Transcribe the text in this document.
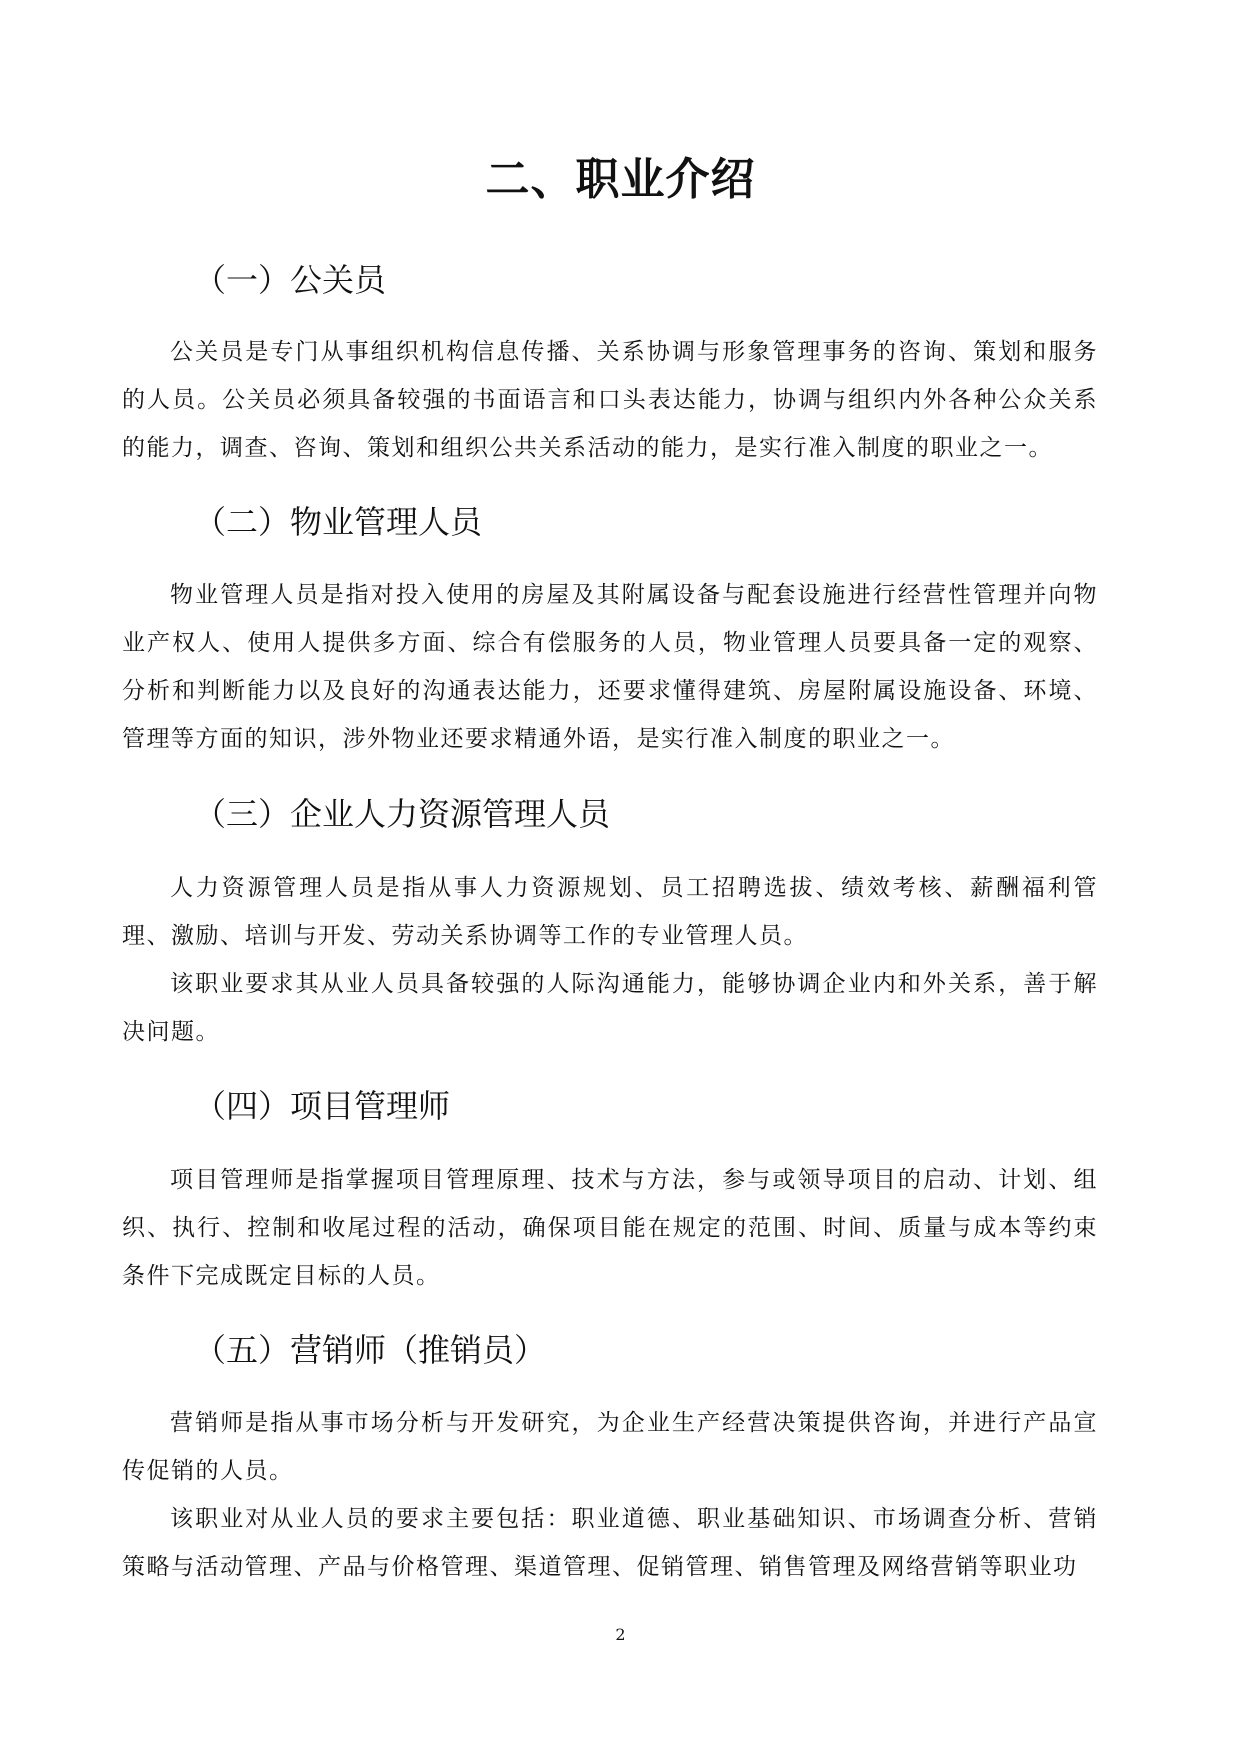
二、职业介绍
（一）公关员

公关员是专门从事组织机构信息传播、关系协调与形象管理事务的咨询、策划和服务的人员。公关员必须具备较强的书面语言和口头表达能力，协调与组织内外各种公众关系的能力，调查、咨询、策划和组织公共关系活动的能力，是实行准入制度的职业之一。

（二）物业管理人员

物业管理人员是指对投入使用的房屋及其附属设备与配套设施进行经营性管理并向物业产权人、使用人提供多方面、综合有偿服务的人员，物业管理人员要具备一定的观察、分析和判断能力以及良好的沟通表达能力，还要求懂得建筑、房屋附属设施设备、环境、管理等方面的知识，涉外物业还要求精通外语，是实行准入制度的职业之一。

（三）企业人力资源管理人员

人力资源管理人员是指从事人力资源规划、员工招聘选拔、绩效考核、薪酬福利管理、激励、培训与开发、劳动关系协调等工作的专业管理人员。

该职业要求其从业人员具备较强的人际沟通能力，能够协调企业内和外关系，善于解决问题。

（四）项目管理师

项目管理师是指掌握项目管理原理、技术与方法，参与或领导项目的启动、计划、组织、执行、控制和收尾过程的活动，确保项目能在规定的范围、时间、质量与成本等约束条件下完成既定目标的人员。

（五）营销师（推销员）

营销师是指从事市场分析与开发研究，为企业生产经营决策提供咨询，并进行产品宣传促销的人员。

该职业对从业人员的要求主要包括：职业道德、职业基础知识、市场调查分析、营销策略与活动管理、产品与价格管理、渠道管理、促销管理、销售管理及网络营销等职业功

2
